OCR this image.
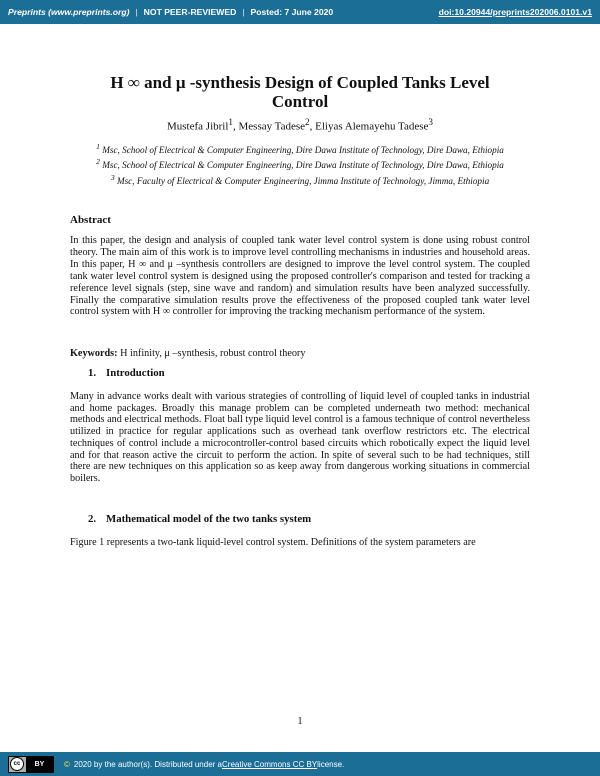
Preprints (www.preprints.org) | NOT PEER-REVIEWED | Posted: 7 June 2020	doi:10.20944/preprints202006.0101.v1
H ∞ and μ -synthesis Design of Coupled Tanks Level
Control
Mustefa Jibril$^1$, Messay Tadese$^2$, Eliyas Alemayehu Tadese$^3$
$^1$ Msc, School of Electrical & Computer Engineering, Dire Dawa Institute of Technology, Dire Dawa, Ethiopia
$^2$ Msc, School of Electrical & Computer Engineering, Dire Dawa Institute of Technology, Dire Dawa, Ethiopia
$^3$ Msc, Faculty of Electrical & Computer Engineering, Jimma Institute of Technology, Jimma, Ethiopia
Abstract
In this paper, the design and analysis of coupled tank water level control system is done using robust control theory. The main aim of this work is to improve level controlling mechanisms in industries and household areas. In this paper, H ∞ and μ –synthesis controllers are designed to improve the level control system. The coupled tank water level control system is designed using the proposed controller's comparison and tested for tracking a reference level signals (step, sine wave and random) and simulation results have been analyzed successfully. Finally the comparative simulation results prove the effectiveness of the proposed coupled tank water level control system with H ∞ controller for improving the tracking mechanism performance of the system.
Keywords: H infinity, μ –synthesis, robust control theory
1. Introduction
Many in advance works dealt with various strategies of controlling of liquid level of coupled tanks in industrial and home packages. Broadly this manage problem can be completed underneath two method: mechanical methods and electrical methods. Float ball type liquid level control is a famous technique of control nevertheless utilized in practice for regular applications such as overhead tank overflow restrictors etc. The electrical techniques of control include a microcontroller-control based circuits which robotically expect the liquid level and for that reason active the circuit to perform the action. In spite of several such to be had techniques, still there are new techniques on this application so as keep away from dangerous working situations in commercial boilers.
2. Mathematical model of the two tanks system
Figure 1 represents a two-tank liquid-level control system. Definitions of the system parameters are
1
cc	BY	© 2020 by the author(s). Distributed under a Creative Commons CC BY license.
